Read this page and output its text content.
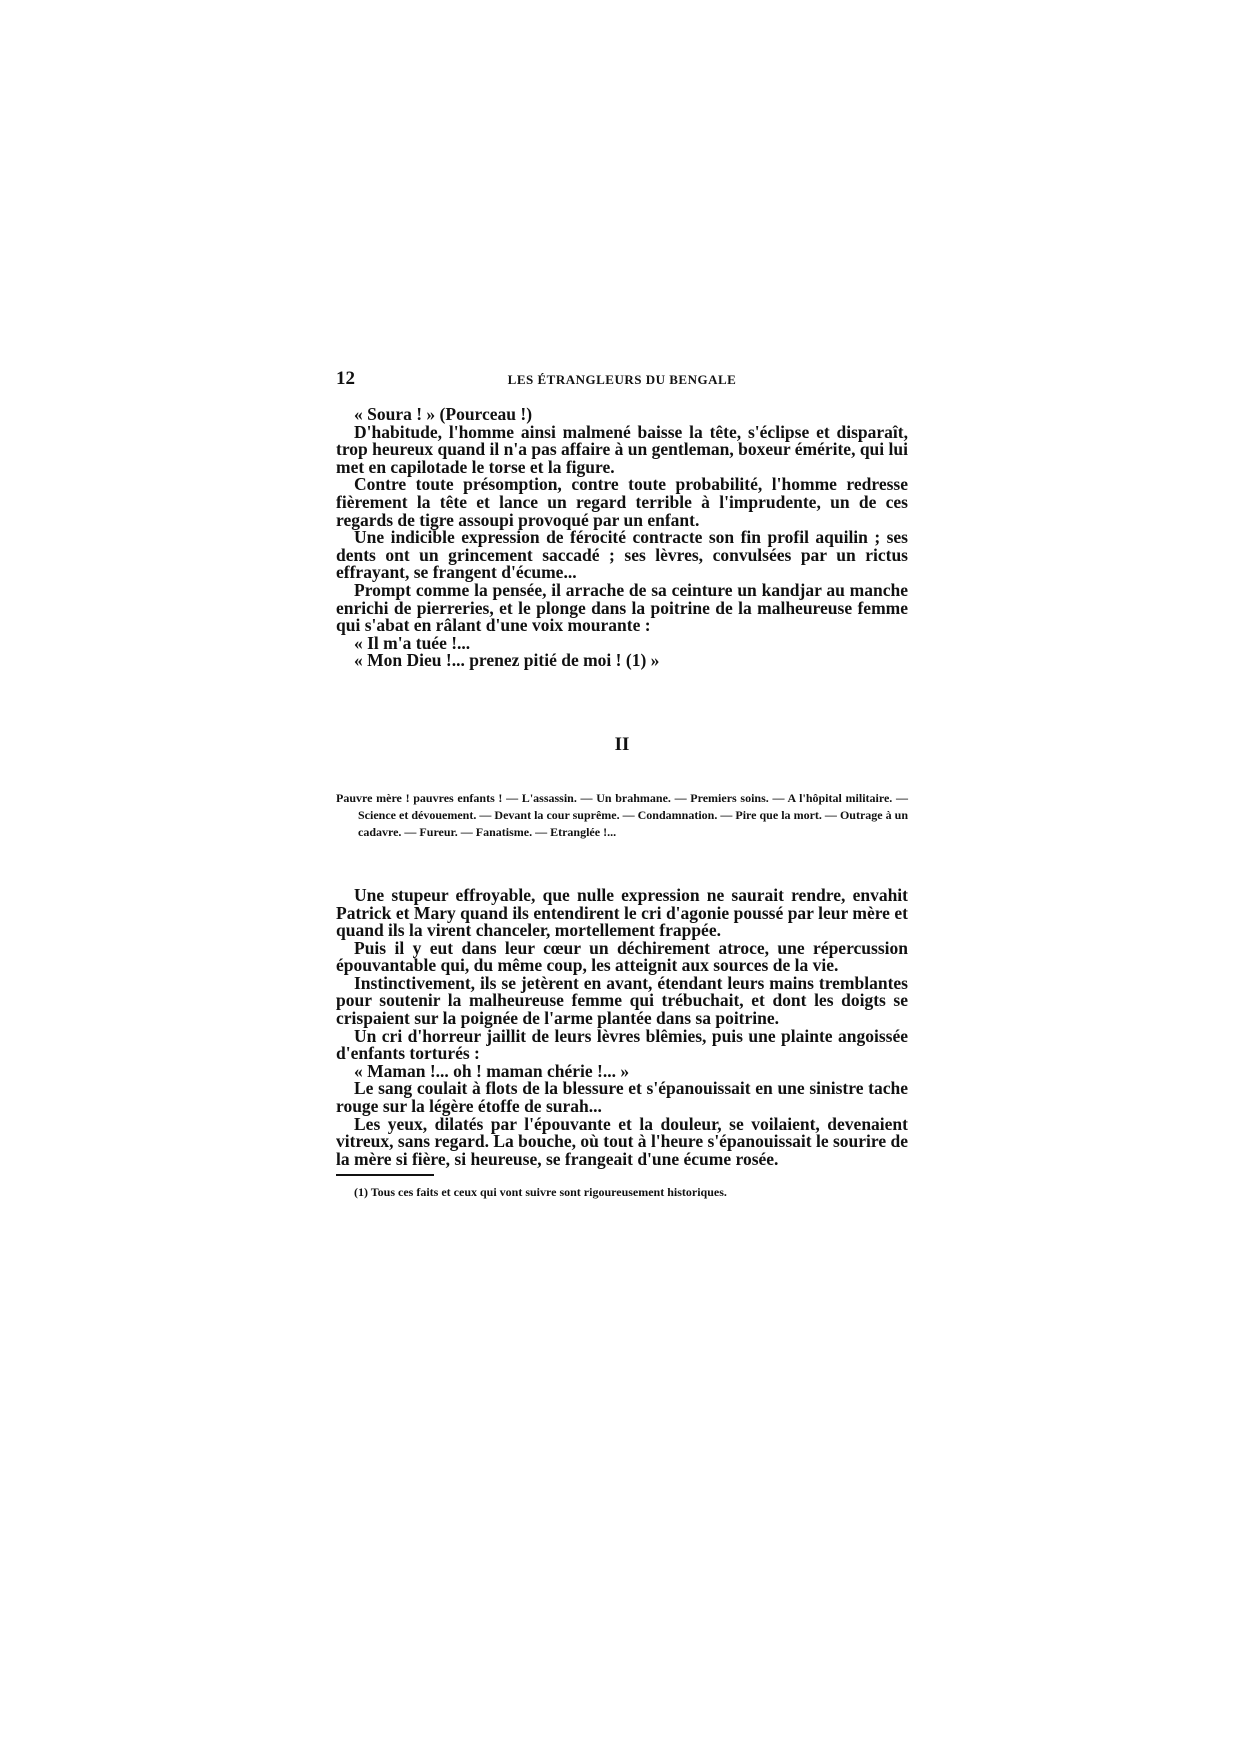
12	LES ÉTRANGLEURS DU BENGALE

« Soura ! » (Pourceau !)

D'habitude, l'homme ainsi malmené baisse la tête, s'éclipse et disparaît, trop heureux quand il n'a pas affaire à un gentleman, boxeur émérite, qui lui met en capilotade le torse et la figure.

Contre toute présomption, contre toute probabilité, l'homme redresse fièrement la tête et lance un regard terrible à l'imprudente, un de ces regards de tigre assoupi provoqué par un enfant.

Une indicible expression de férocité contracte son fin profil aquilin ; ses dents ont un grincement saccadé ; ses lèvres, convulsées par un rictus effrayant, se frangent d'écume...

Prompt comme la pensée, il arrache de sa ceinture un kandjar au manche enrichi de pierreries, et le plonge dans la poitrine de la malheureuse femme qui s'abat en râlant d'une voix mourante :

« Il m'a tuée !...

« Mon Dieu !... prenez pitié de moi ! (1) »

II
Pauvre mère ! pauvres enfants ! — L'assassin. — Un brahmane. — Premiers soins. — A l'hôpital militaire. — Science et dévouement. — Devant la cour suprême. — Condamnation. — Pire que la mort. — Outrage à un cadavre. — Fureur. — Fanatisme. — Etranglée !...

Une stupeur effroyable, que nulle expression ne saurait rendre, envahit Patrick et Mary quand ils entendirent le cri d'agonie poussé par leur mère et quand ils la virent chanceler, mortellement frappée.

Puis il y eut dans leur cœur un déchirement atroce, une répercussion épouvantable qui, du même coup, les atteignit aux sources de la vie.

Instinctivement, ils se jetèrent en avant, étendant leurs mains tremblantes pour soutenir la malheureuse femme qui trébuchait, et dont les doigts se crispaient sur la poignée de l'arme plantée dans sa poitrine.

Un cri d'horreur jaillit de leurs lèvres blêmies, puis une plainte angoissée d'enfants torturés :

« Maman !... oh ! maman chérie !... »

Le sang coulait à flots de la blessure et s'épanouissait en une sinistre tache rouge sur la légère étoffe de surah...

Les yeux, dilatés par l'épouvante et la douleur, se voilaient, devenaient vitreux, sans regard. La bouche, où tout à l'heure s'épanouissait le sourire de la mère si fière, si heureuse, se frangeait d'une écume rosée.

(1) Tous ces faits et ceux qui vont suivre sont rigoureusement historiques.
